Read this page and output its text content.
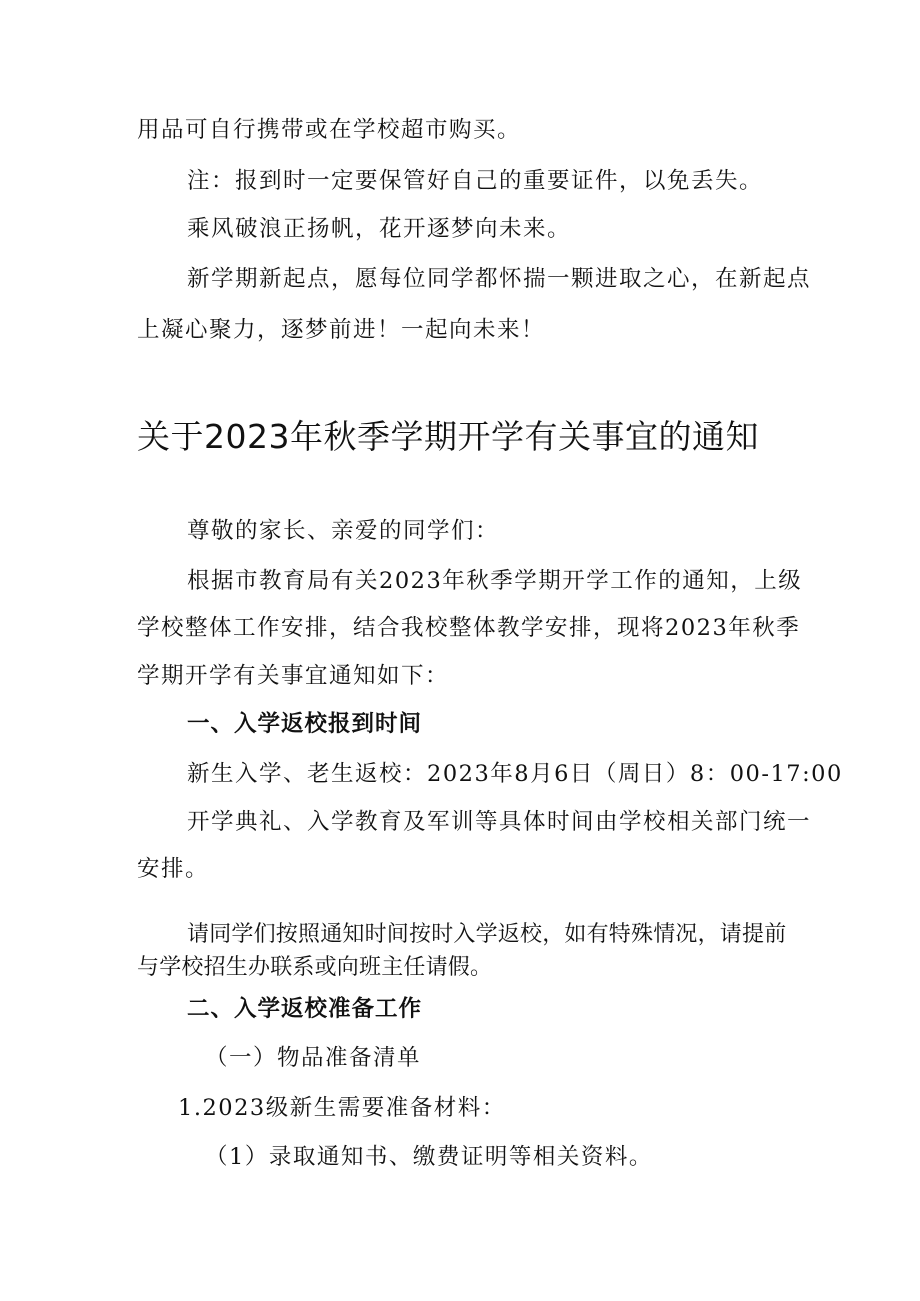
用品可自行携带或在学校超市购买。
注：报到时一定要保管好自己的重要证件，以免丢失。
乘风破浪正扬帆，花开逐梦向未来。
新学期新起点，愿每位同学都怀揣一颗进取之心，在新起点
上凝心聚力，逐梦前进！一起向未来！
关于2023年秋季学期开学有关事宜的通知
尊敬的家长、亲爱的同学们：
根据市教育局有关2023年秋季学期开学工作的通知，上级
学校整体工作安排，结合我校整体教学安排，现将2023年秋季
学期开学有关事宜通知如下：
一、入学返校报到时间
新生入学、老生返校：2023年8月6日（周日）8：00-17:00
开学典礼、入学教育及军训等具体时间由学校相关部门统一
安排。
请同学们按照通知时间按时入学返校，如有特殊情况，请提前
与学校招生办联系或向班主任请假。
二、入学返校准备工作
（一）物品准备清单
1.2023级新生需要准备材料：
（1）录取通知书、缴费证明等相关资料。
